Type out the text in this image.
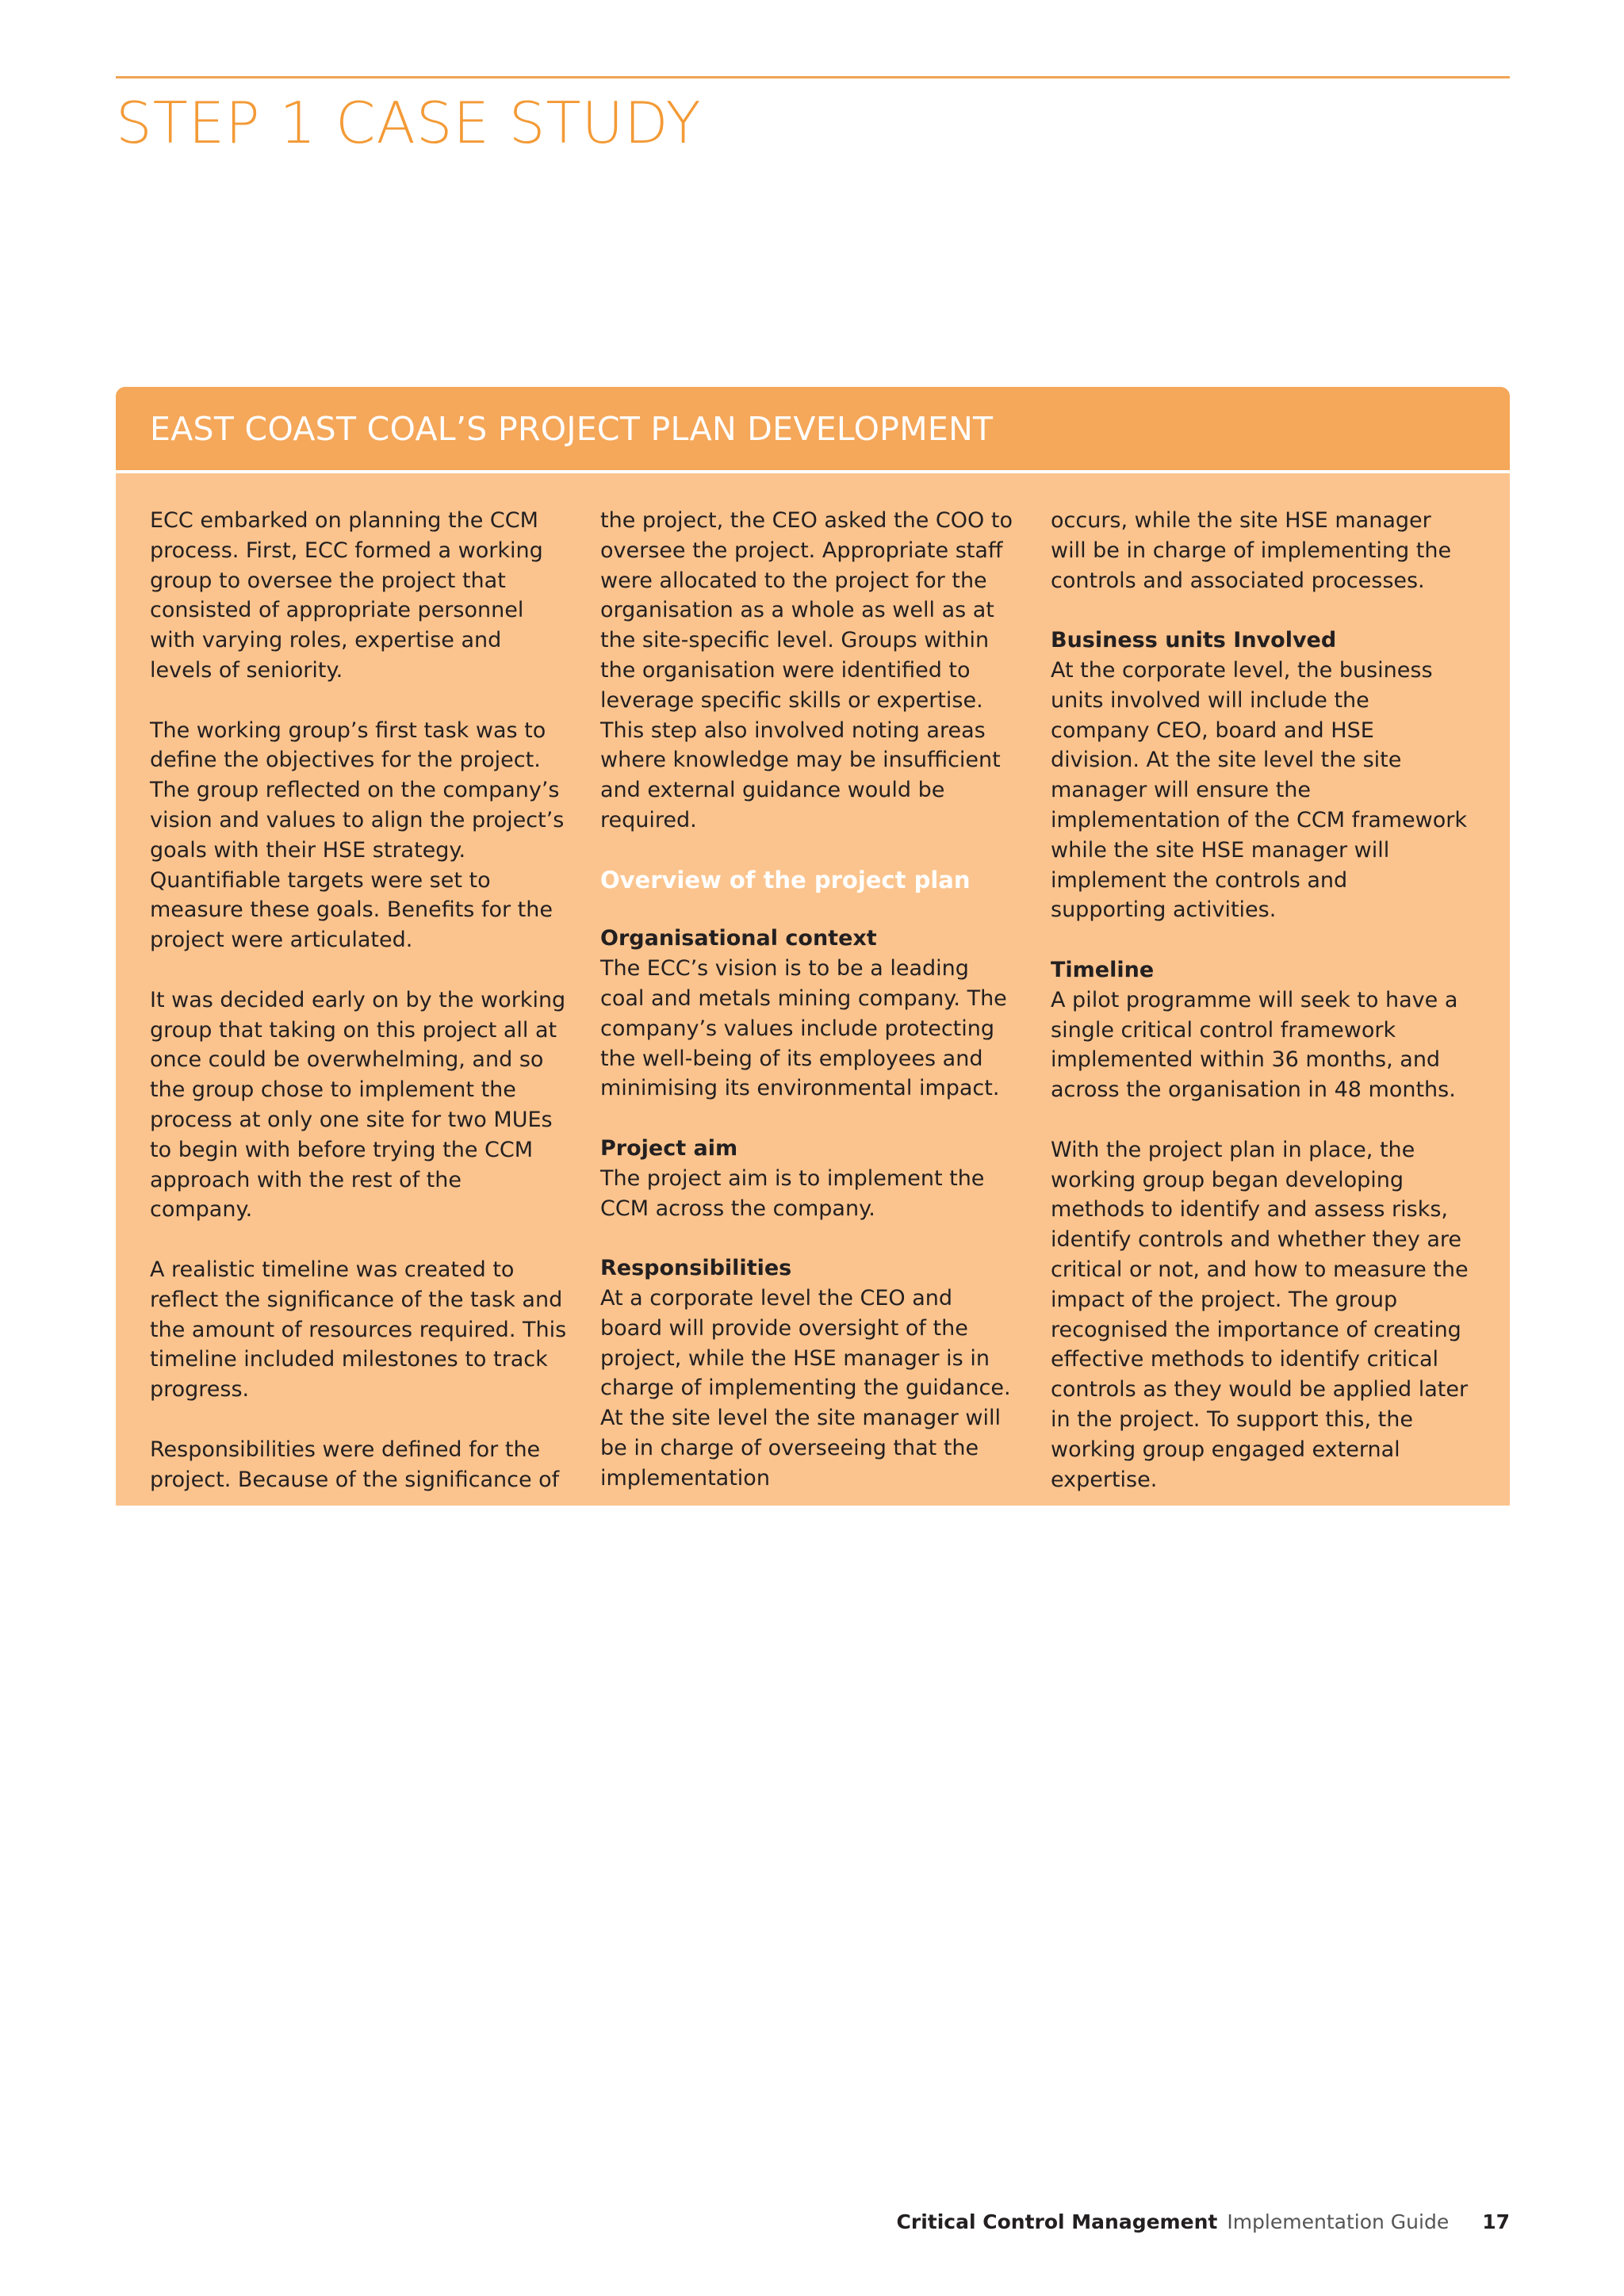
STEP 1 CASE STUDY
EAST COAST COAL’S PROJECT PLAN DEVELOPMENT

ECC embarked on planning the CCM process. First, ECC formed a working group to oversee the project that consisted of appropriate personnel with varying roles, expertise and levels of seniority.

The working group’s first task was to define the objectives for the project. The group reflected on the company’s vision and values to align the project’s goals with their HSE strategy. Quantifiable targets were set to measure these goals. Benefits for the project were articulated.

It was decided early on by the working group that taking on this project all at once could be overwhelming, and so the group chose to implement the process at only one site for two MUEs to begin with before trying the CCM approach with the rest of the company.

A realistic timeline was created to reflect the significance of the task and the amount of resources required. This timeline included milestones to track progress.

Responsibilities were defined for the project. Because of the significance of

the project, the CEO asked the COO to oversee the project. Appropriate staff were allocated to the project for the organisation as a whole as well as at the site-specific level. Groups within the organisation were identified to leverage specific skills or expertise. This step also involved noting areas where knowledge may be insufficient and external guidance would be required.

Overview of the project plan

Organisational context
The ECC’s vision is to be a leading coal and metals mining company. The company’s values include protecting the well-being of its employees and minimising its environmental impact.

Project aim
The project aim is to implement the CCM across the company.

Responsibilities
At a corporate level the CEO and board will provide oversight of the project, while the HSE manager is in charge of implementing the guidance. At the site level the site manager will be in charge of overseeing that the implementation

occurs, while the site HSE manager will be in charge of implementing the controls and associated processes.

Business units Involved
At the corporate level, the business units involved will include the company CEO, board and HSE division. At the site level the site manager will ensure the implementation of the CCM framework while the site HSE manager will implement the controls and supporting activities.

Timeline
A pilot programme will seek to have a single critical control framework implemented within 36 months, and across the organisation in 48 months.

With the project plan in place, the working group began developing methods to identify and assess risks, identify controls and whether they are critical or not, and how to measure the impact of the project. The group recognised the importance of creating effective methods to identify critical controls as they would be applied later in the project. To support this, the working group engaged external expertise.

Critical Control Management Implementation Guide 17
